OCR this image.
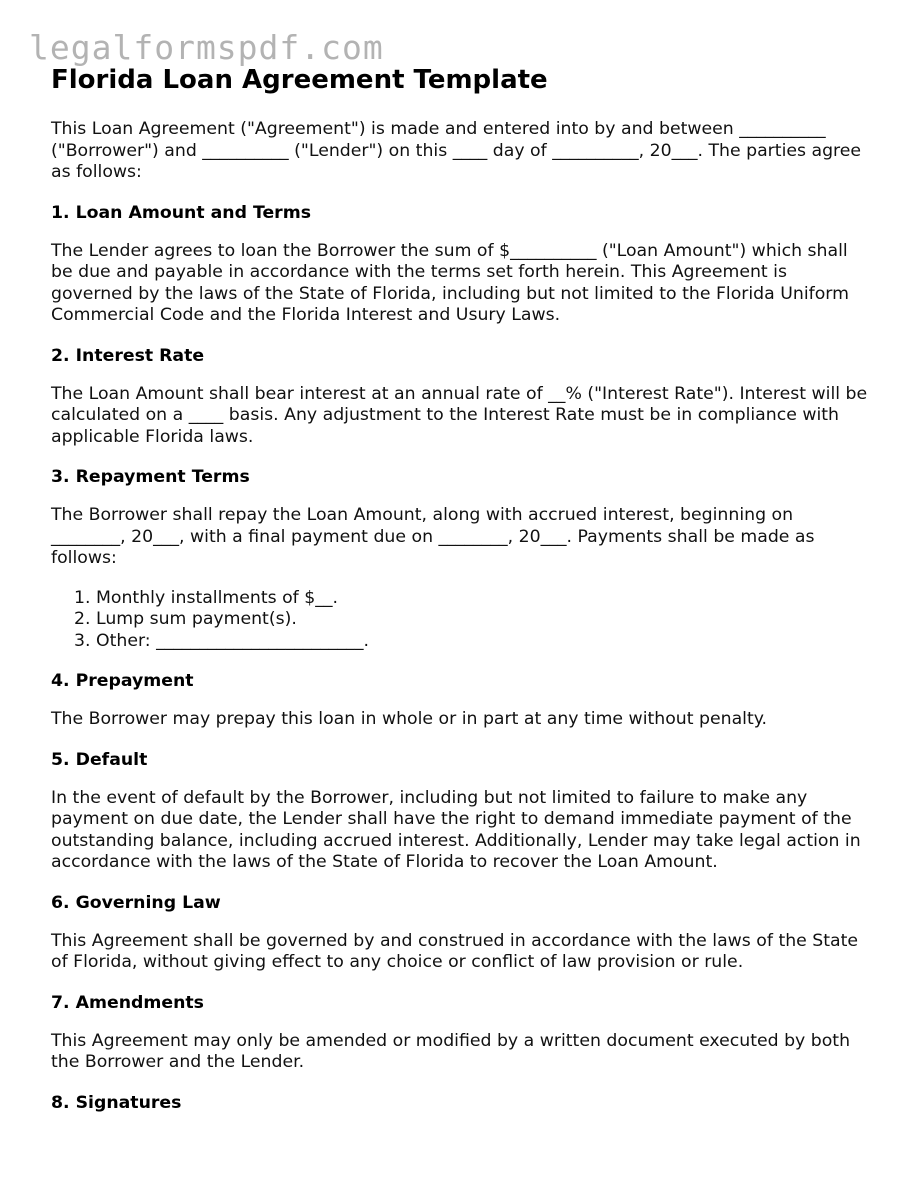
legalformspdf.com
Florida Loan Agreement Template

This Loan Agreement ("Agreement") is made and entered into by and between __________ ("Borrower") and __________ ("Lender") on this ____ day of __________, 20___. The parties agree as follows:

1. Loan Amount and Terms

The Lender agrees to loan the Borrower the sum of $__________ ("Loan Amount") which shall be due and payable in accordance with the terms set forth herein. This Agreement is governed by the laws of the State of Florida, including but not limited to the Florida Uniform Commercial Code and the Florida Interest and Usury Laws.

2. Interest Rate

The Loan Amount shall bear interest at an annual rate of __% ("Interest Rate"). Interest will be calculated on a ____ basis. Any adjustment to the Interest Rate must be in compliance with applicable Florida laws.

3. Repayment Terms

The Borrower shall repay the Loan Amount, along with accrued interest, beginning on ________, 20___, with a final payment due on ________, 20___. Payments shall be made as follows:

1. Monthly installments of $__.
2. Lump sum payment(s).
3. Other: ________________________.
4. Prepayment

The Borrower may prepay this loan in whole or in part at any time without penalty.

5. Default

In the event of default by the Borrower, including but not limited to failure to make any payment on due date, the Lender shall have the right to demand immediate payment of the outstanding balance, including accrued interest. Additionally, Lender may take legal action in accordance with the laws of the State of Florida to recover the Loan Amount.

6. Governing Law

This Agreement shall be governed by and construed in accordance with the laws of the State of Florida, without giving effect to any choice or conflict of law provision or rule.

7. Amendments

This Agreement may only be amended or modified by a written document executed by both the Borrower and the Lender.

8. Signatures
